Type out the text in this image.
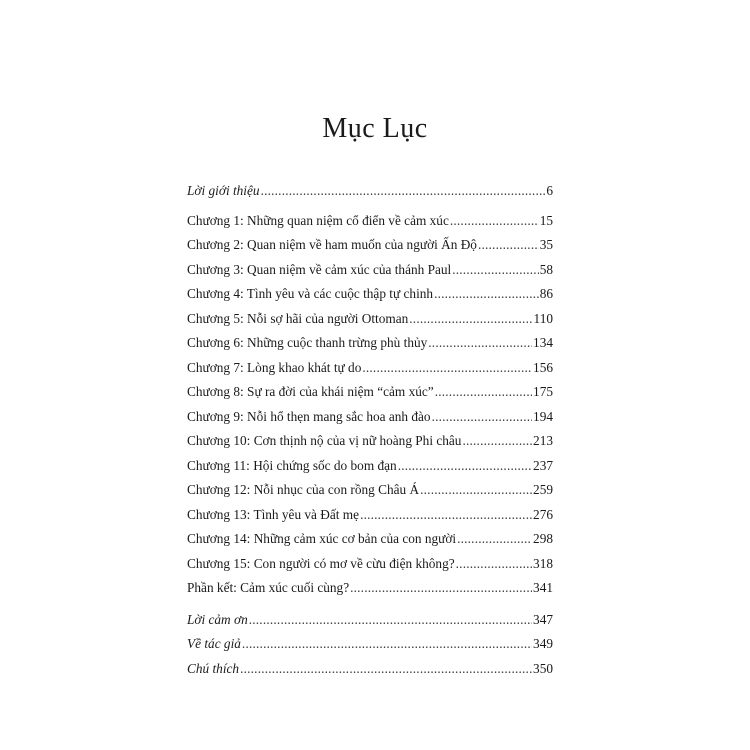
Mục Lục
Lời giới thiệu .....	6
Chương 1: Những quan niệm cổ điển về cảm xúc .....	15
Chương 2: Quan niệm về ham muốn của người Ấn Độ .....	35
Chương 3: Quan niệm về cảm xúc của thánh Paul .....	58
Chương 4: Tình yêu và các cuộc thập tự chinh .....	86
Chương 5: Nỗi sợ hãi của người Ottoman .....	110
Chương 6: Những cuộc thanh trừng phù thủy .....	134
Chương 7: Lòng khao khát tự do .....	156
Chương 8: Sự ra đời của khái niệm “cảm xúc” .....	175
Chương 9: Nỗi hổ thẹn mang sắc hoa anh đào .....	194
Chương 10: Cơn thịnh nộ của vị nữ hoàng Phi châu .....	213
Chương 11: Hội chứng sốc do bom đạn .....	237
Chương 12: Nỗi nhục của con rồng Châu Á .....	259
Chương 13: Tình yêu và Đất mẹ .....	276
Chương 14: Những cảm xúc cơ bản của con người .....	298
Chương 15: Con người có mơ về cừu điện không? .....	318
Phần kết: Cảm xúc cuối cùng? .....	341
Lời cảm ơn .....	347
Về tác giả .....	349
Chú thích .....	350
